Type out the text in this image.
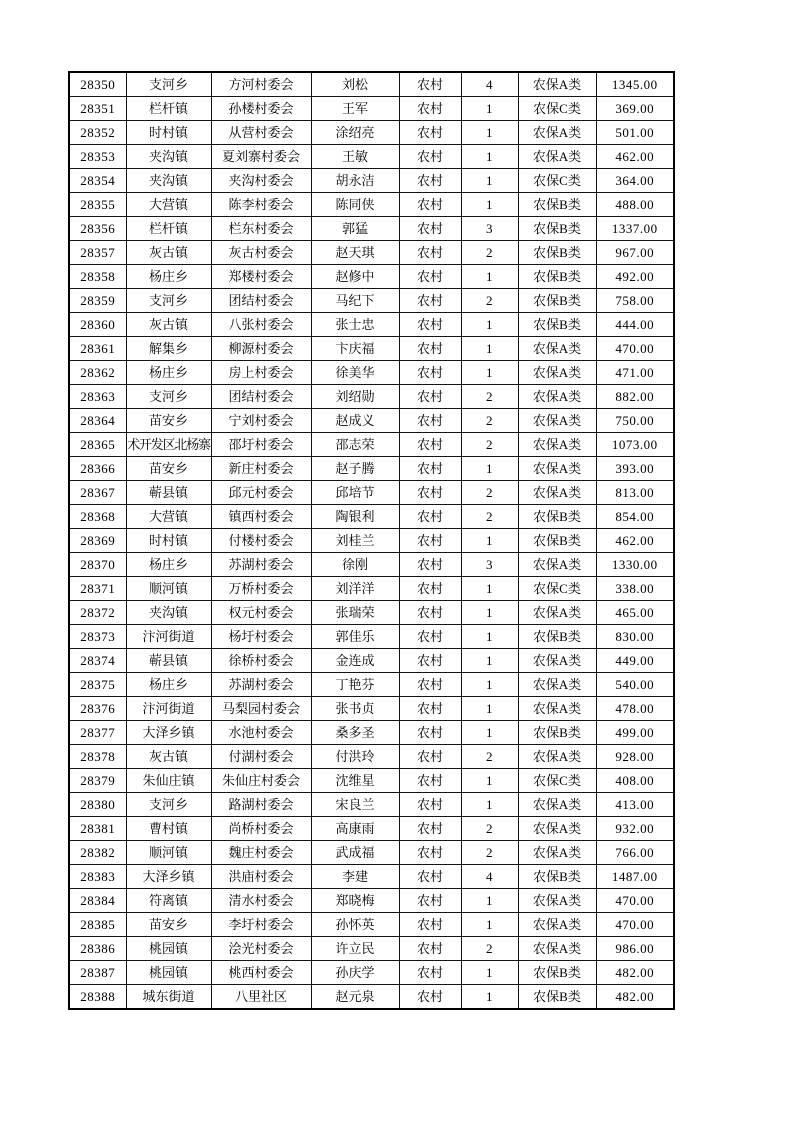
28350	支河乡	方河村委会	刘松	农村	4	农保A类	1345.00
28351	栏杆镇	孙楼村委会	王军	农村	1	农保C类	369.00
28352	时村镇	从营村委会	涂绍亮	农村	1	农保A类	501.00
28353	夹沟镇	夏刘寨村委会	王敏	农村	1	农保A类	462.00
28354	夹沟镇	夹沟村委会	胡永洁	农村	1	农保C类	364.00
28355	大营镇	陈李村委会	陈同侠	农村	1	农保B类	488.00
28356	栏杆镇	栏东村委会	郭猛	农村	3	农保B类	1337.00
28357	灰古镇	灰古村委会	赵天琪	农村	2	农保B类	967.00
28358	杨庄乡	郑楼村委会	赵修中	农村	1	农保B类	492.00
28359	支河乡	团结村委会	马纪下	农村	2	农保B类	758.00
28360	灰古镇	八张村委会	张士忠	农村	1	农保B类	444.00
28361	解集乡	柳源村委会	卞庆福	农村	1	农保A类	470.00
28362	杨庄乡	房上村委会	徐美华	农村	1	农保A类	471.00
28363	支河乡	团结村委会	刘绍勋	农村	2	农保A类	882.00
28364	苗安乡	宁刘村委会	赵成义	农村	2	农保A类	750.00
28365	术开发区北杨寨	邵圩村委会	邵志荣	农村	2	农保A类	1073.00
28366	苗安乡	新庄村委会	赵子腾	农村	1	农保A类	393.00
28367	蕲县镇	邱元村委会	邱培节	农村	2	农保A类	813.00
28368	大营镇	镇西村委会	陶银利	农村	2	农保B类	854.00
28369	时村镇	付楼村委会	刘桂兰	农村	1	农保B类	462.00
28370	杨庄乡	苏湖村委会	徐刚	农村	3	农保A类	1330.00
28371	顺河镇	万桥村委会	刘洋洋	农村	1	农保C类	338.00
28372	夹沟镇	权元村委会	张瑞荣	农村	1	农保A类	465.00
28373	汴河街道	杨圩村委会	郭佳乐	农村	1	农保B类	830.00
28374	蕲县镇	徐桥村委会	金连成	农村	1	农保A类	449.00
28375	杨庄乡	苏湖村委会	丁艳芬	农村	1	农保A类	540.00
28376	汴河街道	马梨园村委会	张书贞	农村	1	农保A类	478.00
28377	大泽乡镇	水池村委会	桑多圣	农村	1	农保B类	499.00
28378	灰古镇	付湖村委会	付洪玲	农村	2	农保A类	928.00
28379	朱仙庄镇	朱仙庄村委会	沈维星	农村	1	农保C类	408.00
28380	支河乡	路湖村委会	宋良兰	农村	1	农保A类	413.00
28381	曹村镇	尚桥村委会	高康雨	农村	2	农保A类	932.00
28382	顺河镇	魏庄村委会	武成福	农村	2	农保A类	766.00
28383	大泽乡镇	洪庙村委会	李建	农村	4	农保B类	1487.00
28384	符离镇	清水村委会	郑晓梅	农村	1	农保A类	470.00
28385	苗安乡	李圩村委会	孙怀英	农村	1	农保A类	470.00
28386	桃园镇	浍光村委会	许立民	农村	2	农保A类	986.00
28387	桃园镇	桃西村委会	孙庆学	农村	1	农保B类	482.00
28388	城东街道	八里社区	赵元泉	农村	1	农保B类	482.00
